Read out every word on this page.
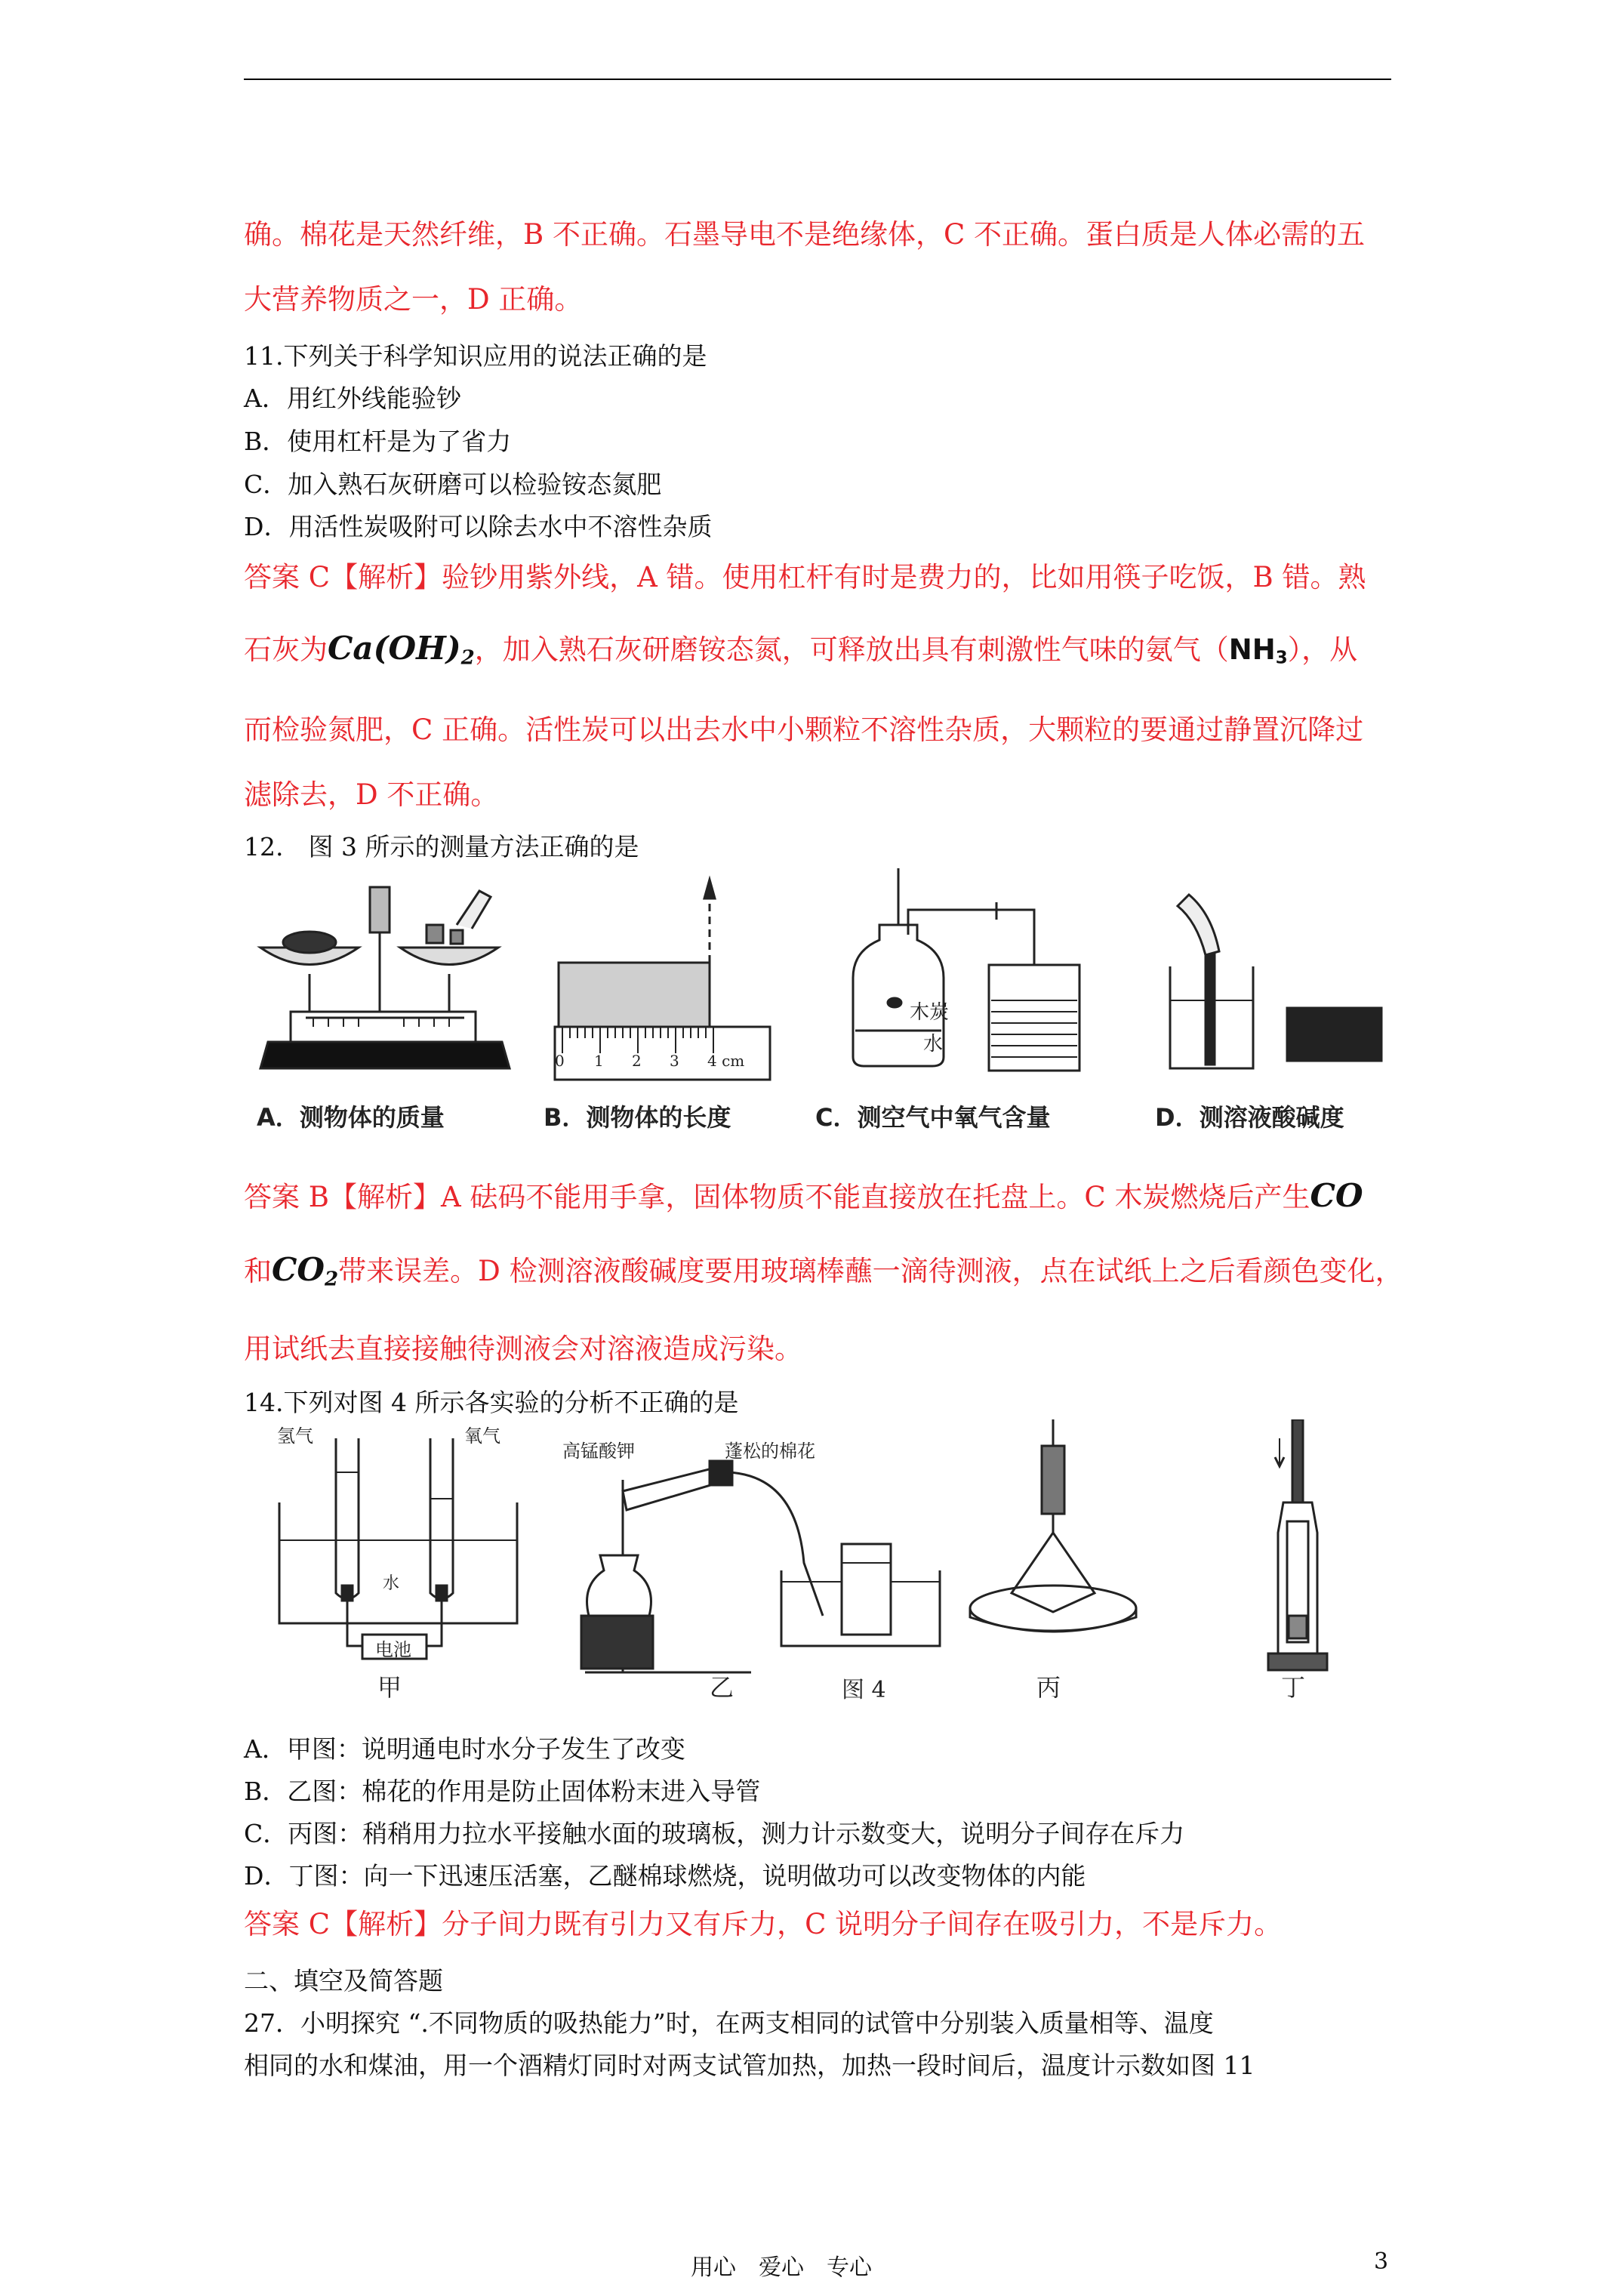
确。棉花是天然纤维，B 不正确。石墨导电不是绝缘体，C 不正确。蛋白质是人体必需的五
大营养物质之一，D 正确。
11.下列关于科学知识应用的说法正确的是
A．用红外线能验钞
B．使用杠杆是为了省力
C．加入熟石灰研磨可以检验铵态氮肥
D．用活性炭吸附可以除去水中不溶性杂质
答案 C【解析】验钞用紫外线，A 错。使用杠杆有时是费力的，比如用筷子吃饭，B 错。熟
石灰为$Ca(OH)_2$，加入熟石灰研磨铵态氮，可释放出具有刺激性气味的氨气$(NH_3)$，从
而检验氮肥，C 正确。活性炭可以出去水中小颗粒不溶性杂质，大颗粒的要通过静置沉降过
滤除去，D 不正确。
12.　图 3 所示的测量方法正确的是
木炭
水
0 1 2 3 4 cm
A．测物体的质量	B．测物体的长度	C．测空气中氧气含量	D．测溶液酸碱度
答案 B【解析】A 砝码不能用手拿，固体物质不能直接放在托盘上。C 木炭燃烧后产生CO
和$CO_2$带来误差。D 检测溶液酸碱度要用玻璃棒蘸一滴待测液，点在试纸上之后看颜色变化，
用试纸去直接接触待测液会对溶液造成污染。
14.下列对图 4 所示各实验的分析不正确的是
氢气	氧气
水
电池
高锰酸钾	蓬松的棉花
甲	乙	图 4	丙	丁
A．甲图：说明通电时水分子发生了改变
B．乙图：棉花的作用是防止固体粉末进入导管
C．丙图：稍稍用力拉水平接触水面的玻璃板，测力计示数变大，说明分子间存在斥力
D．丁图：向一下迅速压活塞，乙醚棉球燃烧，说明做功可以改变物体的内能
答案 C【解析】分子间力既有引力又有斥力，C 说明分子间存在吸引力，不是斥力。
二、填空及简答题
27．小明探究 “.不同物质的吸热能力”时，在两支相同的试管中分别装入质量相等、温度
相同的水和煤油，用一个酒精灯同时对两支试管加热，加热一段时间后，温度计示数如图 11
用心　爱心　专心	3
